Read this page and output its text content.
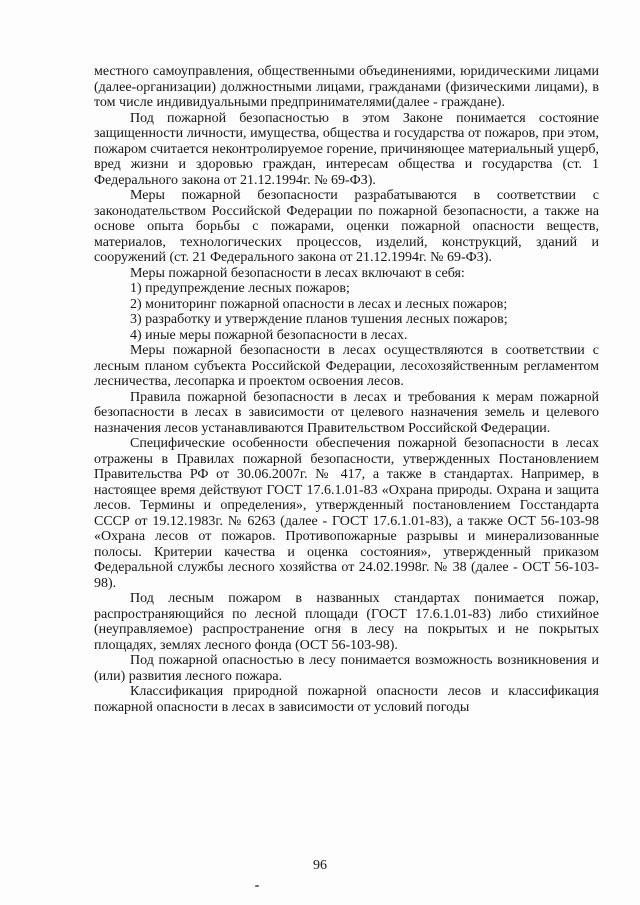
местного самоуправления, общественными объединениями, юридическими лицами (далее-организации) должностными лицами, гражданами (физическими лицами), в том числе индивидуальными предпринимателями(далее - граждане).

Под пожарной безопасностью в этом Законе понимается состояние защищенности личности, имущества, общества и государства от пожаров, при этом, пожаром считается неконтролируемое горение, причиняющее материальный ущерб, вред жизни и здоровью граждан, интересам общества и государства (ст. 1 Федерального закона от 21.12.1994г. № 69-ФЗ).

Меры пожарной безопасности разрабатываются в соответствии с законодательством Российской Федерации по пожарной безопасности, а также на основе опыта борьбы с пожарами, оценки пожарной опасности веществ, материалов, технологических процессов, изделий, конструкций, зданий и сооружений (ст. 21 Федерального закона от 21.12.1994г. № 69-ФЗ).

Меры пожарной безопасности в лесах включают в себя:

1) предупреждение лесных пожаров;

2) мониторинг пожарной опасности в лесах и лесных пожаров;

3) разработку и утверждение планов тушения лесных пожаров;

4) иные меры пожарной безопасности в лесах.

Меры пожарной безопасности в лесах осуществляются в соответствии с лесным планом субъекта Российской Федерации, лесохозяйственным регламентом лесничества, лесопарка и проектом освоения лесов.

Правила пожарной безопасности в лесах и требования к мерам пожарной безопасности в лесах в зависимости от целевого назначения земель и целевого назначения лесов устанавливаются Правительством Российской Федерации.

Специфические особенности обеспечения пожарной безопасности в лесах отражены в Правилах пожарной безопасности, утвержденных Постановлением Правительства РФ от 30.06.2007г. № 417, а также в стандартах. Например, в настоящее время действуют ГОСТ 17.6.1.01-83 «Охрана природы. Охрана и защита лесов. Термины и определения», утвержденный постановлением Госстандарта СССР от 19.12.1983г. № 6263 (далее - ГОСТ 17.6.1.01-83), а также ОСТ 56-103-98 «Охрана лесов от пожаров. Противопожарные разрывы и минерализованные полосы. Критерии качества и оценка состояния», утвержденный приказом Федеральной службы лесного хозяйства от 24.02.1998г. № 38 (далее - ОСТ 56-103-98).

Под лесным пожаром в названных стандартах понимается пожар, распространяющийся по лесной площади (ГОСТ 17.6.1.01-83) либо стихийное (неуправляемое) распространение огня в лесу на покрытых и не покрытых площадях, землях лесного фонда (ОСТ 56-103-98).

Под пожарной опасностью в лесу понимается возможность возникновения и (или) развития лесного пожара.

Классификация природной пожарной опасности лесов и классификация пожарной опасности в лесах в зависимости от условий погоды

96
